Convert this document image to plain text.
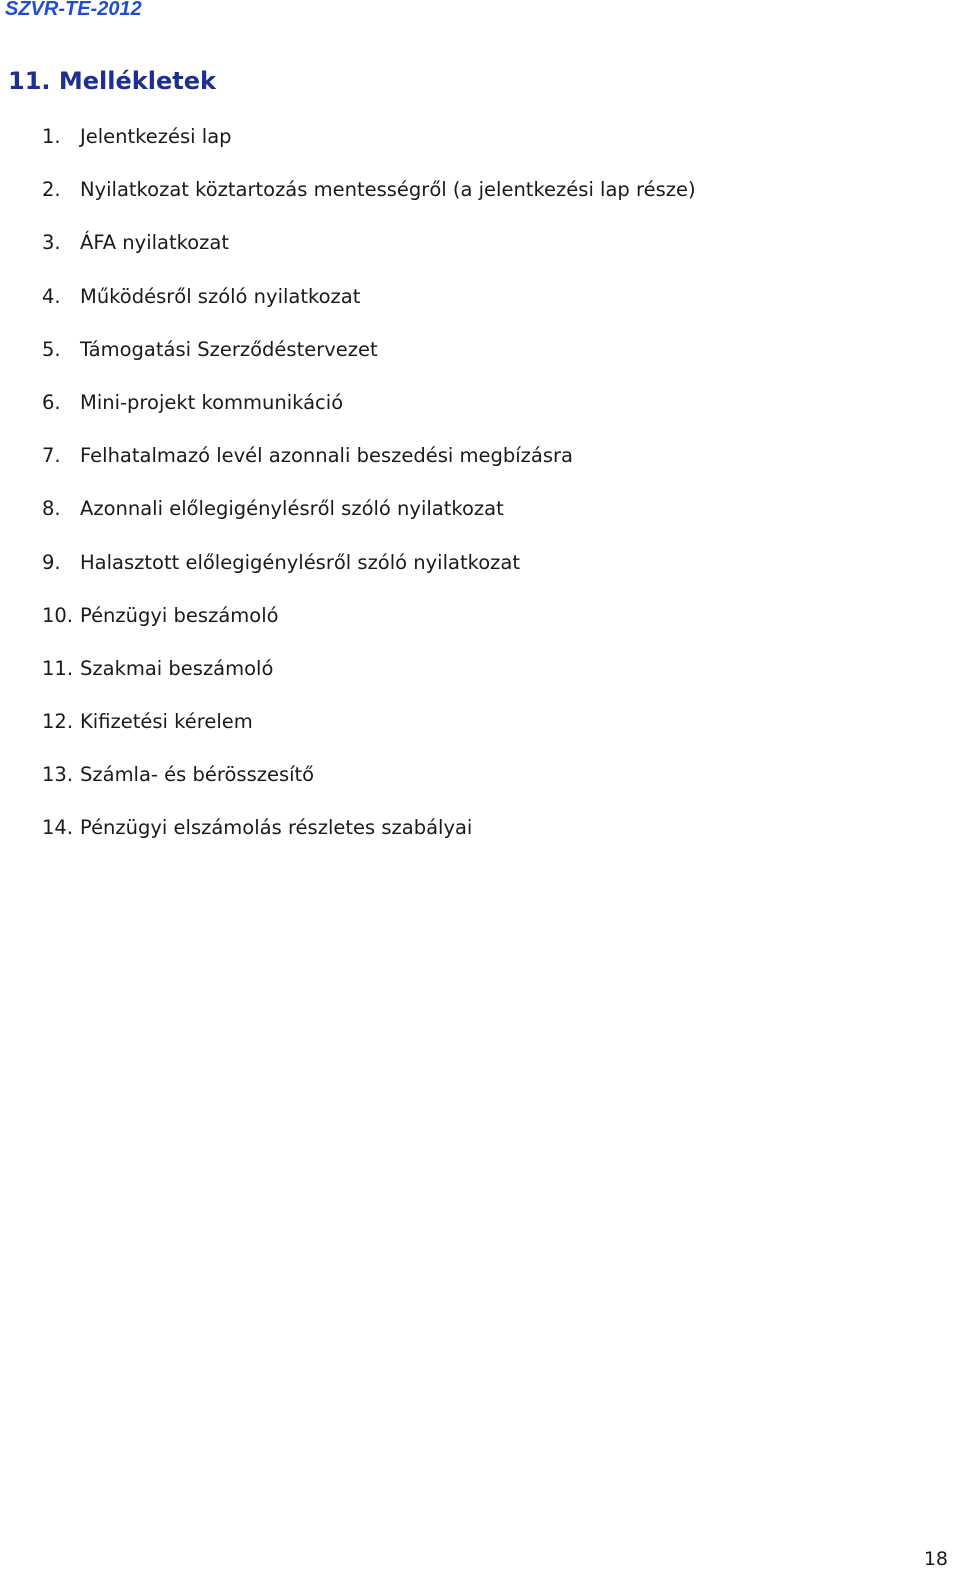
SZVR-TE-2012

11. Mellékletek
1. Jelentkezési lap
2. Nyilatkozat köztartozás mentességről (a jelentkezési lap része)
3. ÁFA nyilatkozat
4. Működésről szóló nyilatkozat
5. Támogatási Szerződéstervezet
6. Mini-projekt kommunikáció
7. Felhatalmazó levél azonnali beszedési megbízásra
8. Azonnali előlegigénylésről szóló nyilatkozat
9. Halasztott előlegigénylésről szóló nyilatkozat
10. Pénzügyi beszámoló
11. Szakmai beszámoló
12. Kifizetési kérelem
13. Számla- és bérösszesítő
14. Pénzügyi elszámolás részletes szabályai

18
